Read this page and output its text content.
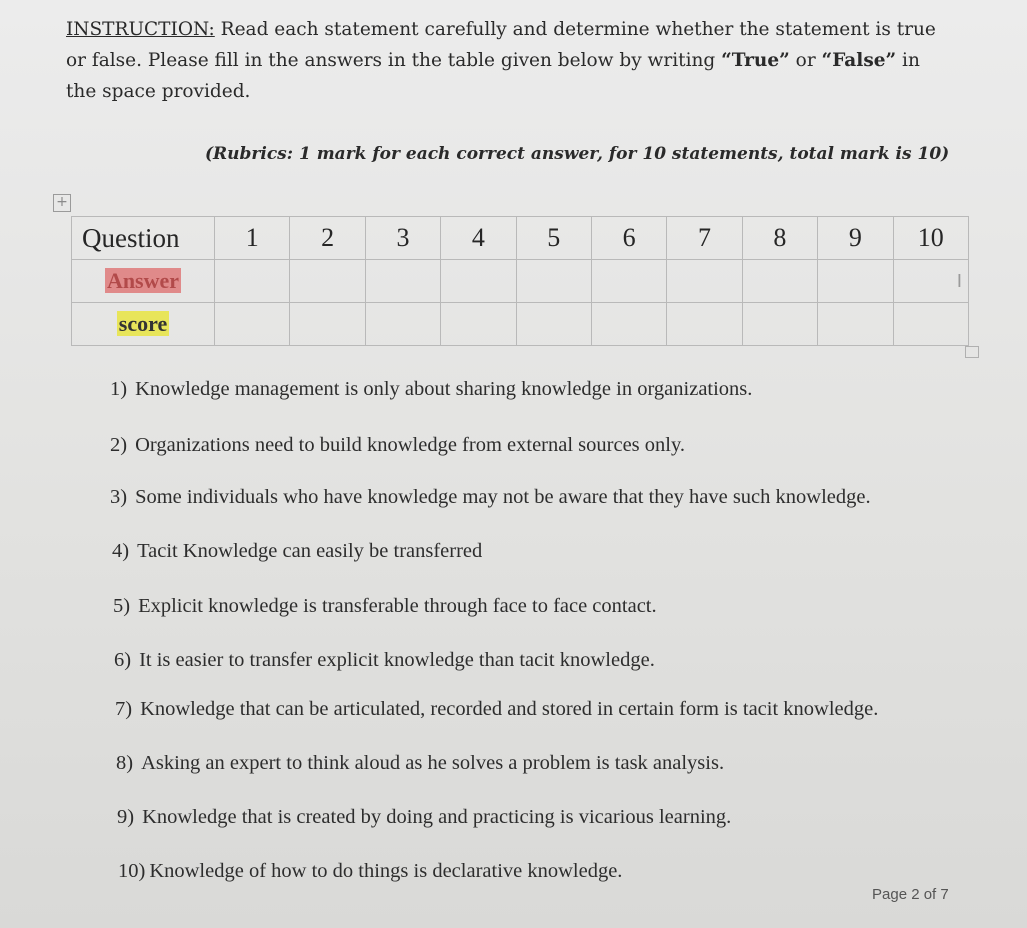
INSTRUCTION: Read each statement carefully and determine whether the statement is true
or false. Please fill in the answers in the table given below by writing “True” or “False” in
the space provided.
(Rubrics: 1 mark for each correct answer, for 10 statements, total mark is 10)
+
Question	1	2	3	4	5	6	7	8	9	10
Answer										I
score										
1) Knowledge management is only about sharing knowledge in organizations.
2) Organizations need to build knowledge from external sources only.
3) Some individuals who have knowledge may not be aware that they have such knowledge.
4) Tacit Knowledge can easily be transferred
5) Explicit knowledge is transferable through face to face contact.
6) It is easier to transfer explicit knowledge than tacit knowledge.
7) Knowledge that can be articulated, recorded and stored in certain form is tacit knowledge.
8) Asking an expert to think aloud as he solves a problem is task analysis.
9) Knowledge that is created by doing and practicing is vicarious learning.
10) Knowledge of how to do things is declarative knowledge.
Page 2 of 7
